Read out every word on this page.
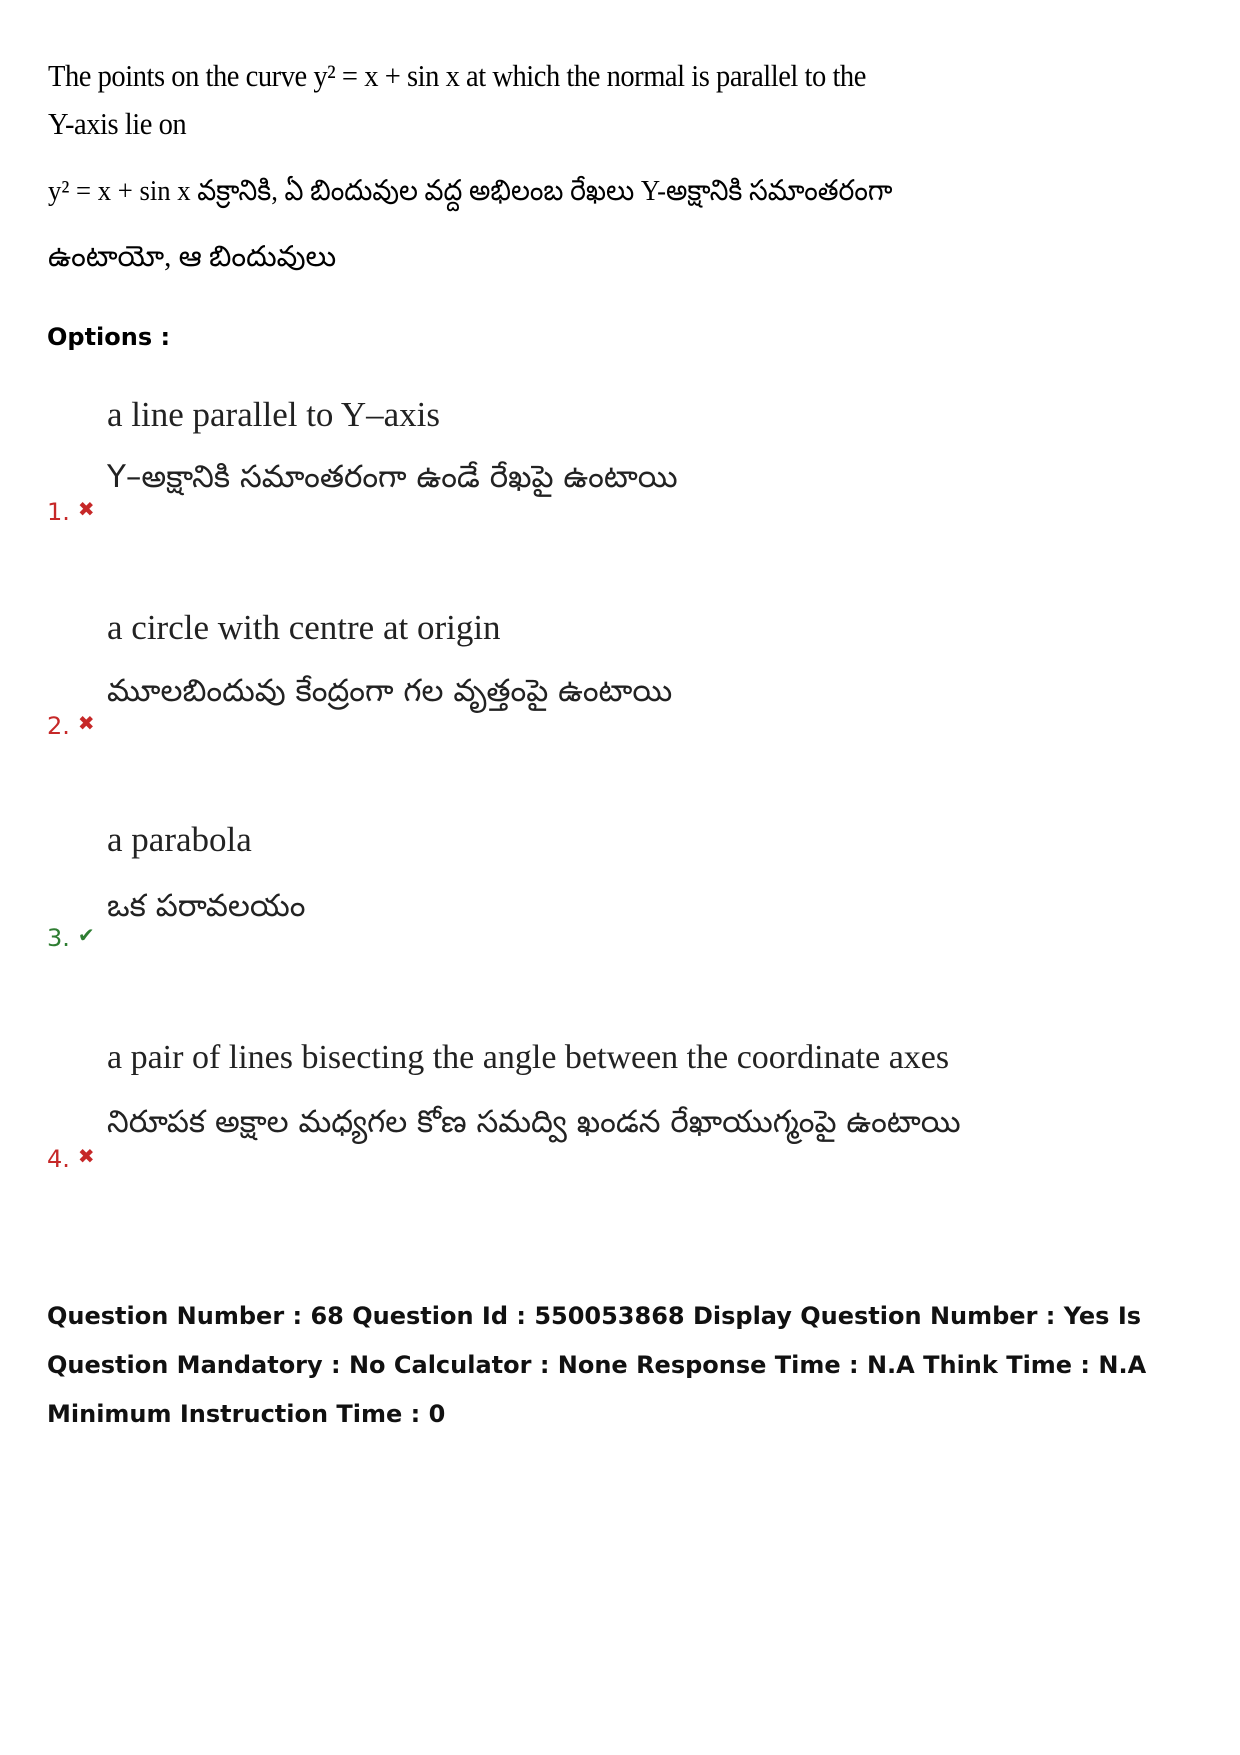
The points on the curve y² = x + sin x at which the normal is parallel to the Y-axis lie on

y² = x + sin x వక్రానికి, ఏ బిందువుల వద్ద అభిలంబ రేఖలు Y-అక్షానికి సమాంతరంగా
ఉంటాయో, ఆ బిందువులు
Options :
a line parallel to Y–axis
Y–అక్షానికి సమాంతరంగా ఉండే రేఖపై ఉంటాయి
1. ✖
a circle with centre at origin
మూలబిందువు కేంద్రంగా గల వృత్తంపై ఉంటాయి
2. ✖
a parabola
ఒక పరావలయం
3. ✔
a pair of lines bisecting the angle between the coordinate axes
నిరూపక అక్షాల మధ్యగల కోణ సమద్వి ఖండన రేఖాయుగ్మంపై ఉంటాయి
4. ✖
Question Number : 68 Question Id : 550053868 Display Question Number : Yes Is Question Mandatory : No Calculator : None Response Time : N.A Think Time : N.A Minimum Instruction Time : 0
